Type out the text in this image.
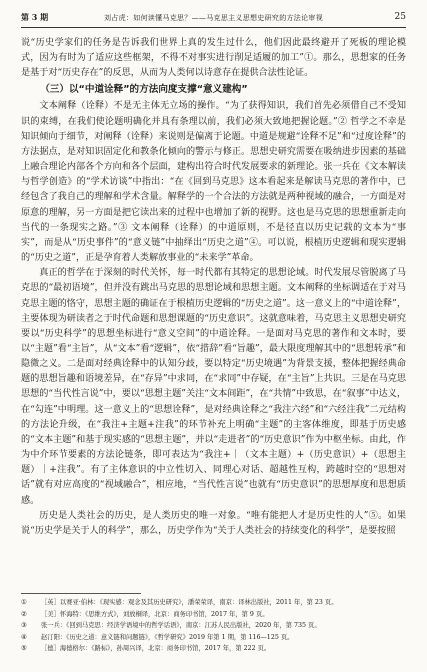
第 3 期	刘占虎：如何读懂马克思？——马克思主义思想史研究的方法论审视	25

说“历史学家们的任务是告诉我们世界上真的发生过什么，他们因此最终避开了死板的理论模式，因为有时为了适应这些框架，不得不对事实进行削足适履的加工”①。那么，思想家的任务是基于对“历史存在”的反思，从而为人类何以诗意存在提供合法性论证。

（三）以“中道诠释”的方法向度支撑“意义建构”

文本阐释（诠释）不是无主体无立场的操作。“为了获得知识，我们首先必须借自己不受知识的束缚，在我们使论题明确化并具有条理以前，我们必须大致地把握论题。”② 哲学之不幸是知识倾向于细节，对阐释（诠释）来说则是偏离于论题。中道是规避“诠释不足”和“过度诠释”的方法据点，是对知识固定化和教条化倾向的警示与修正。思想史研究需要在吸纳进步因素的基础上融合理论内部各个方向和各个层面，建构出符合时代发展要求的新理论。张一兵在《文本解读与哲学创造》的“学术访谈”中指出：“在《回到马克思》这本看起来是解读马克思的著作中，已经包含了我自己的理解和学术含量。解释学的一个合法的方法就是两种视域的融合，一方面是对原意的理解，另一方面是把它读出来的过程中也增加了新的视野。这也是马克思的思想重新走向当代的一条现实之路。”③ 文本阐释（诠释）的中道原则，不是径直以历史记载的文本为“事实”，而是从“历史事件”的“意义链”中抽绎出“历史之道”④。可以说，根植历史逻辑和现实逻辑的“历史之道”，正是孕育着人类解放事业的“未来学”革命。

真正的哲学在于深刻的时代关怀，每一时代都有其特定的思想论域。时代发展尽管脱离了马克思的“最初语境”，但并没有跳出马克思的思想论域和思想主题。文本阐释的坐标调适在于对马克思主题的恪守，思想主题的确证在于根植历史逻辑的“历史之道”。这一意义上的“中道诠释”，主要体现为研读者之于时代命题和思想课题的“历史意识”。这就意味着，马克思主义思想史研究要以“历史科学”的思想坐标进行“意义空间”的中道诠释。一是面对马克思的著作和文本时，要以“主题”看“主旨”，从“文本”看“逻辑”，依“措辞”看“旨趣”，最大限度理解其中的“思想转承”和隐微之义。二是面对经典诠释中的认知分歧，要以特定“历史境遇”为背景支援，整体把握经典命题的思想旨趣和语境差异，在“存异”中求同，在“求同”中存疑，在“主旨”上共识。三是在马克思思想的“当代性言说”中，要以“思想主题”关注“文本间距”，在“共情”中致思，在“叙事”中达义，在“勾连”中明理。这一意义上的“思想诠释”，是对经典诠释之“我注六经”和“六经注我”二元结构的方法论升级，在“我注+主题+注我”的环节补充上明确“主题”的主客体维度，即基于历史感的“文本主题”和基于现实感的“思想主题”，并以“走进者”的“历史意识”作为中枢坐标。由此，作为中介环节要素的方法论链条，即可表达为“我注+｜（文本主题）+（历史意识）+（思想主题）｜+注我”。有了主体意识的中立性切入、同理心对话、超越性互构，跨越时空的“思想对话”就有对应高度的“视域融合”，相应地，“当代性言说”也就有“历史意识”的思想厚度和思想质感。

历史是人类社会的历史，是人类历史的唯一对象。“唯有能把人才是历史性的人”⑤。如果说“历史学是关于人的科学”，那么，历史学作为“关于人类社会的持续变化的科学”，是要按照

① ［英］以赛亚·伯林：《现实感：观念及其历史研究》，潘荣荣译，南京：译林出版社，2011 年，第 23 页。
② ［美］怀海特：《思维方式》，刘放桐译，北京：商务印书馆，2017 年，第 9 页。
③ 张一兵：《回到马克思：经济学语境中的哲学话语》，南京：江苏人民出版社，2020 年，第 735 页。
④ 赵汀阳：《历史之道：意义链和问题链》，《哲学研究》2019 年第 1 期，第 116—125 页。
⑤ ［德］海德格尔：《路标》，孙周兴译，北京：商务印书馆，2017 年，第 222 页。
